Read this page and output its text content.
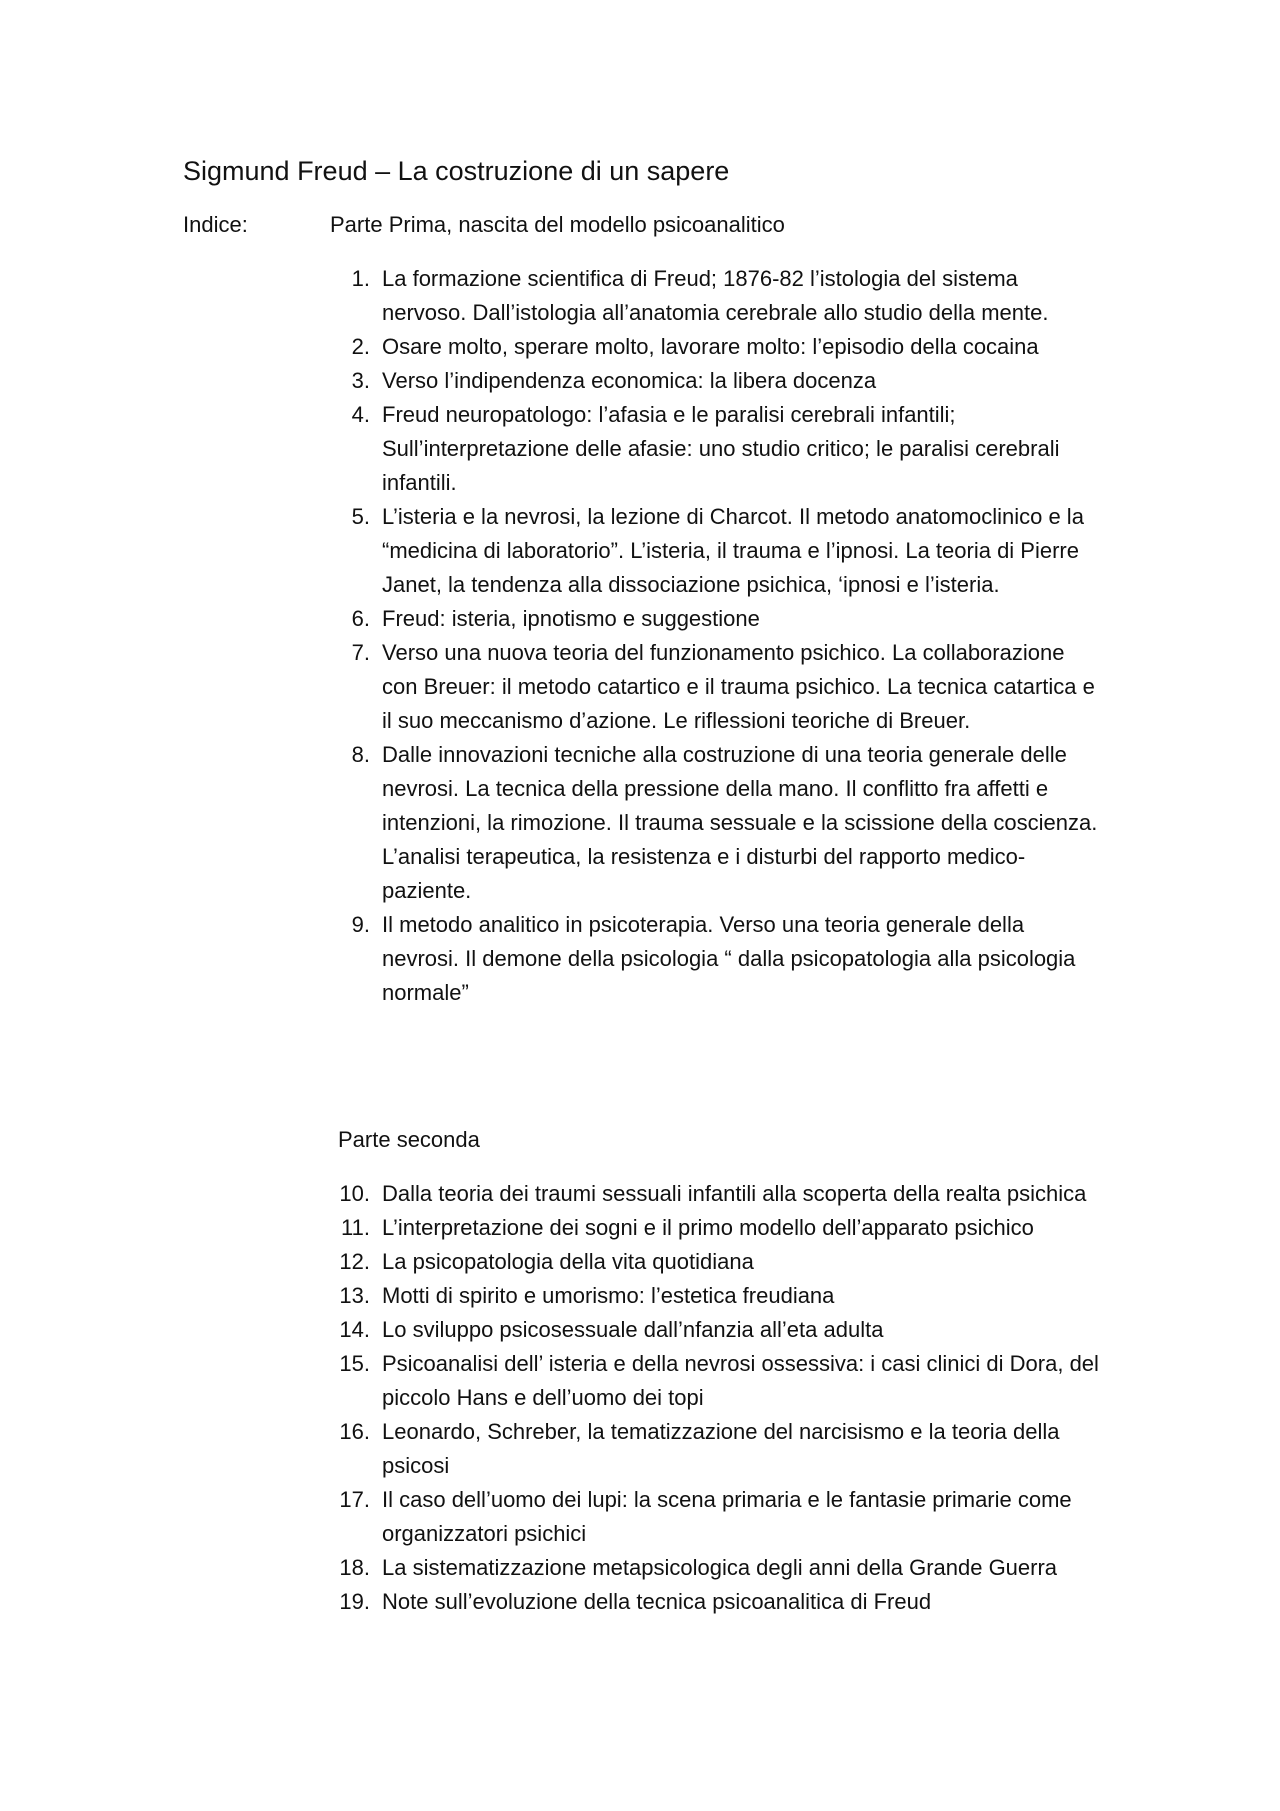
Sigmund Freud – La costruzione di un sapere
Indice:	Parte Prima, nascita del modello psicoanalitico
1. La formazione scientifica di Freud; 1876-82 l’istologia del sistema nervoso. Dall’istologia all’anatomia cerebrale allo studio della mente.
2. Osare molto, sperare molto, lavorare molto: l’episodio della cocaina
3. Verso l’indipendenza economica: la libera docenza
4. Freud neuropatologo: l’afasia e le paralisi cerebrali infantili; Sull’interpretazione delle afasie: uno studio critico; le paralisi cerebrali infantili.
5. L’isteria e la nevrosi, la lezione di Charcot. Il metodo anatomoclinico e la “medicina di laboratorio”. L’isteria, il trauma e l’ipnosi. La teoria di Pierre Janet, la tendenza alla dissociazione psichica, ‘ipnosi e l’isteria.
6. Freud: isteria, ipnotismo e suggestione
7. Verso una nuova teoria del funzionamento psichico. La collaborazione con Breuer: il metodo catartico e il trauma psichico. La tecnica catartica e il suo meccanismo d’azione. Le riflessioni teoriche di Breuer.
8. Dalle innovazioni tecniche alla costruzione di una teoria generale delle nevrosi. La tecnica della pressione della mano. Il conflitto fra affetti e intenzioni, la rimozione. Il trauma sessuale e la scissione della coscienza. L’analisi terapeutica, la resistenza e i disturbi del rapporto medico-paziente.
9. Il metodo analitico in psicoterapia. Verso una teoria generale della nevrosi. Il demone della psicologia “ dalla psicopatologia alla psicologia normale”
Parte seconda
10. Dalla teoria dei traumi sessuali infantili alla scoperta della realta psichica
11. L’interpretazione dei sogni e il primo modello dell’apparato psichico
12. La psicopatologia della vita quotidiana
13. Motti di spirito e umorismo: l’estetica freudiana
14. Lo sviluppo psicosessuale dall’nfanzia all’eta adulta
15. Psicoanalisi dell’ isteria e della nevrosi ossessiva: i casi clinici di Dora, del piccolo Hans e dell’uomo dei topi
16. Leonardo, Schreber, la tematizzazione del narcisismo e la teoria della psicosi
17. Il caso dell’uomo dei lupi: la scena primaria e le fantasie primarie come organizzatori psichici
18. La sistematizzazione metapsicologica degli anni della Grande Guerra
19. Note sull’evoluzione della tecnica psicoanalitica di Freud
